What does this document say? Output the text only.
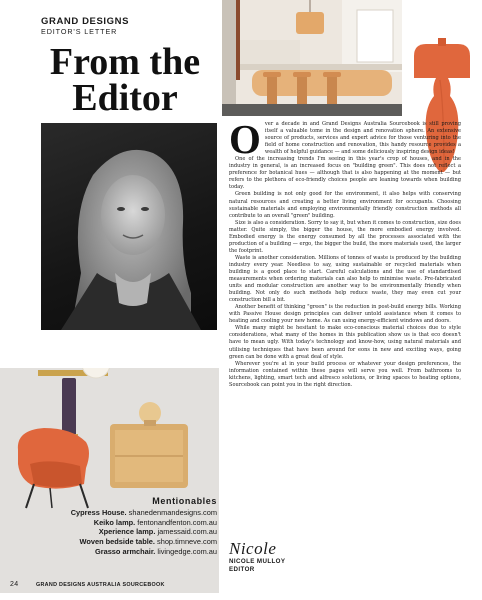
GRAND DESIGNS
EDITOR'S LETTER
From the
Editor
Mentionables
Cypress House. shanedenmandesigns.com
Keiko lamp. fentonandfenton.com.au
Xperience lamp. jamessaid.com.au
Woven bedside table. shop.timneve.com
Grasso armchair. livingedge.com.au
O ver a decade in and Grand Designs Australia Sourcebook is still proving itself a valuable tome in the design and renovation sphere. An extensive source of products, services and expert advice for those venturing into the field of home construction and renovation, this handy resource provides a wealth of helpful guidance — and some deliciously inspiring design ideas!

One of the increasing trends I'm seeing in this year's crop of houses, and in the industry in general, is an increased focus on "building green". This does not reflect a preference for botanical hues — although that is also happening at the moment — but refers to the plethora of eco-friendly choices people are leaning towards when building today.

Green building is not only good for the environment, it also helps with conserving natural resources and creating a better living environment for occupants. Choosing sustainable materials and employing environmentally friendly construction methods all contribute to an overall "green" building.

Size is also a consideration. Sorry to say it, but when it comes to construction, size does matter. Quite simply, the bigger the house, the more embodied energy involved. Embodied energy is the energy consumed by all the processes associated with the production of a building — ergo, the bigger the build, the more materials used, the larger the footprint.

Waste is another consideration. Millions of tonnes of waste is produced by the building industry every year. Needless to say, using sustainable or recycled materials when building is a good place to start. Careful calculations and the use of standardised measurements when ordering materials can also help to minimise waste. Pre-fabricated units and modular construction are another way to be environmentally friendly when building. Not only do such methods help reduce waste, they may even cut your construction bill a bit.

Another benefit of thinking "green" is the reduction in post-build energy bills. Working with Passive House design principles can deliver untold assistance when it comes to heating and cooling your new home. As can using energy-efficient windows and doors.

While many might be hesitant to make eco-conscious material choices due to style considerations, what many of the homes in this publication show us is that eco doesn't have to mean ugly. With today's technology and know-how, using natural materials and utilising techniques that have been around for eons in new and exciting ways, going green can be done with a great deal of style.

Wherever you're at in your build process or whatever your design preferences, the information contained within these pages will serve you well. From bathrooms to kitchens, lighting, smart tech and alfresco solutions, or living spaces to heating options, Sourcebook can point you in the right direction.

Nicole
NICOLE MULLOY
EDITOR
24	GRAND DESIGNS AUSTRALIA SOURCEBOOK
